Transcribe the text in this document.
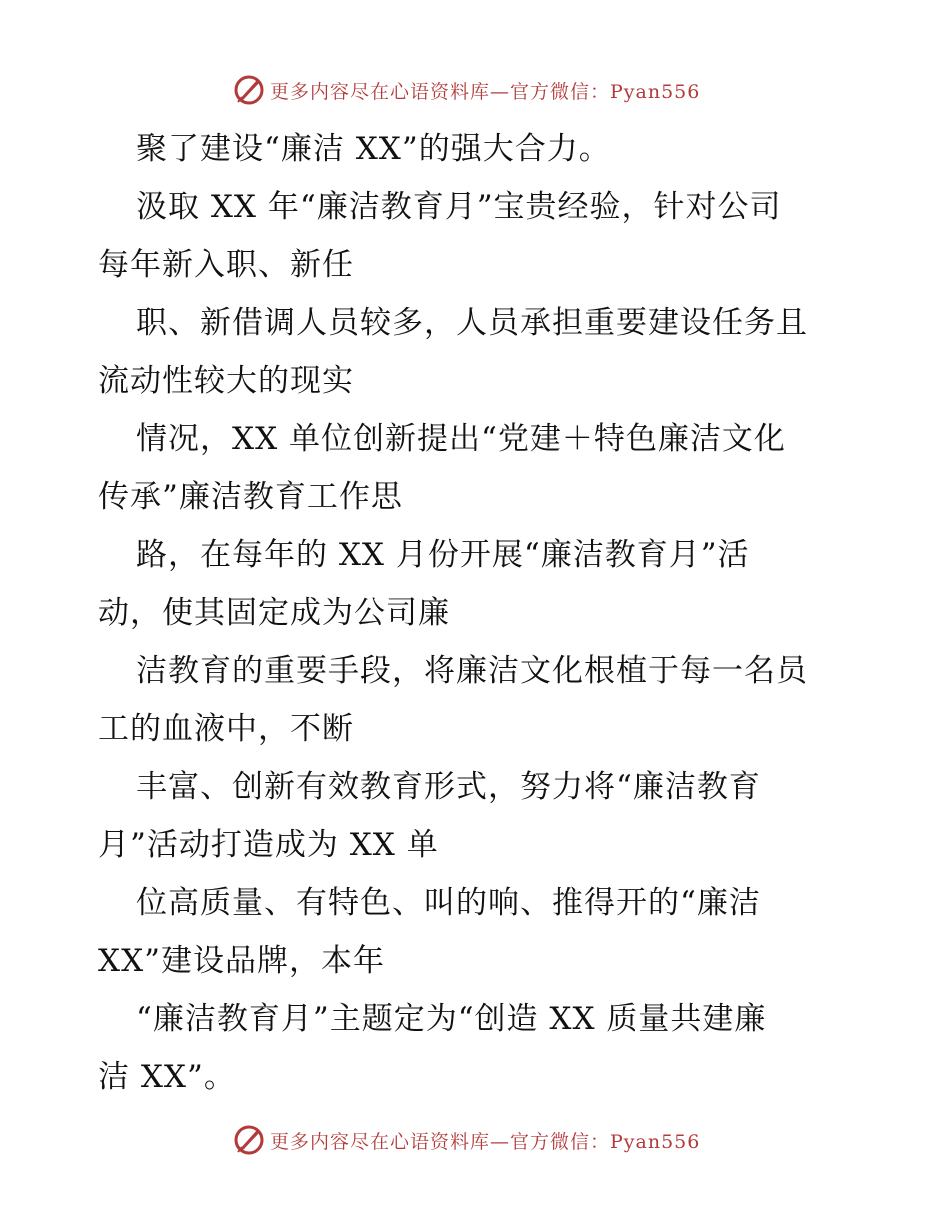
更多内容尽在心语资料库—官方微信：Pyan556
聚了建设“廉洁 XX”的强大合力。
汲取 XX 年“廉洁教育月”宝贵经验，针对公司
每年新入职、新任
职、新借调人员较多，人员承担重要建设任务且
流动性较大的现实
情况，XX 单位创新提出“党建＋特色廉洁文化
传承”廉洁教育工作思
路，在每年的 XX 月份开展“廉洁教育月”活
动，使其固定成为公司廉
洁教育的重要手段，将廉洁文化根植于每一名员
工的血液中，不断
丰富、创新有效教育形式，努力将“廉洁教育
月”活动打造成为 XX 单
位高质量、有特色、叫的响、推得开的“廉洁
XX”建设品牌，本年
“廉洁教育月”主题定为“创造 XX 质量共建廉
洁 XX”。
更多内容尽在心语资料库—官方微信：Pyan556
